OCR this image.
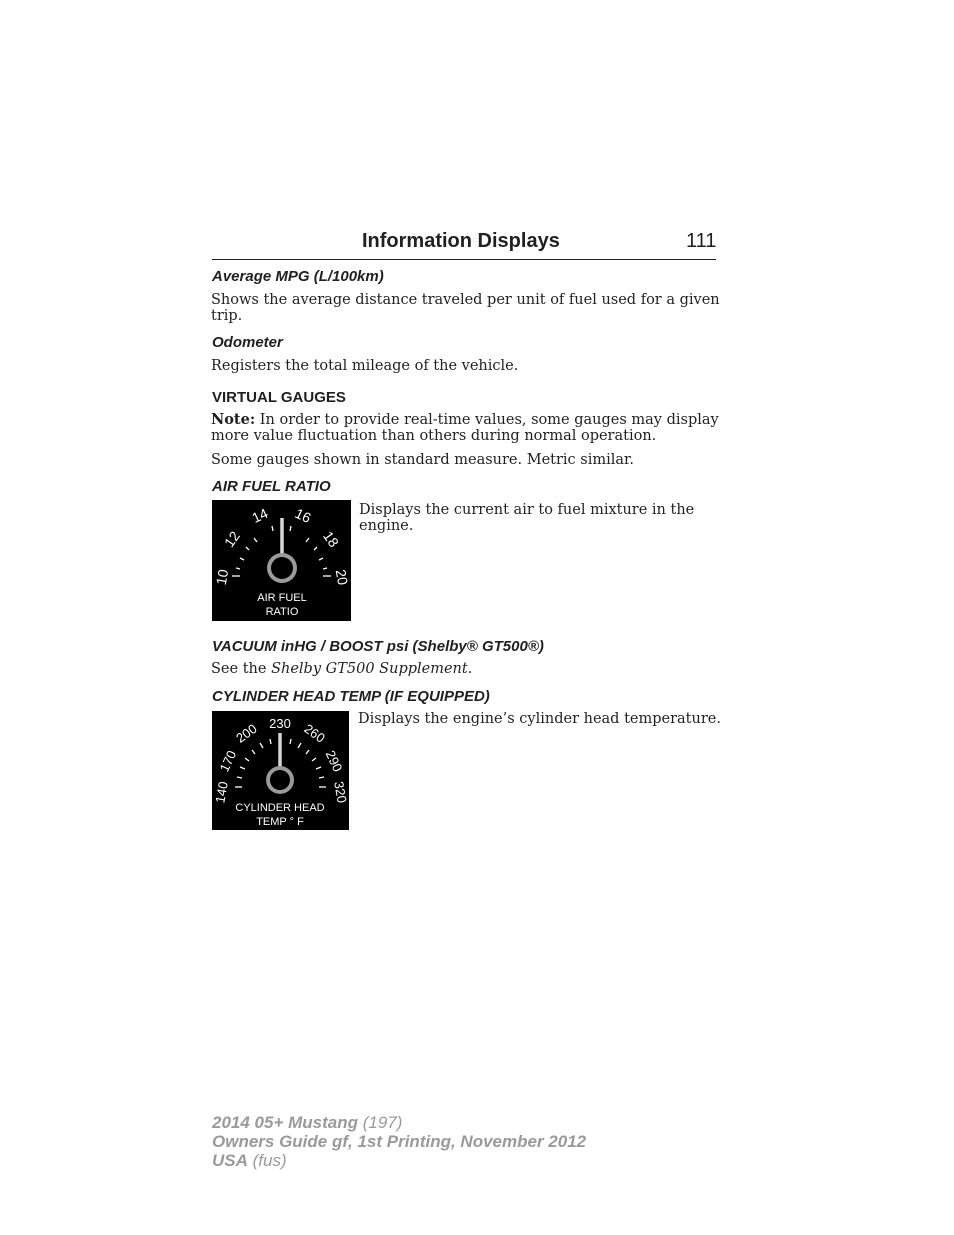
Information Displays	111
Average MPG (L/100km)
Shows the average distance traveled per unit of fuel used for a given
trip.
Odometer
Registers the total mileage of the vehicle.
VIRTUAL GAUGES
Note: In order to provide real-time values, some gauges may display
more value fluctuation than others during normal operation.
Some gauges shown in standard measure. Metric similar.
AIR FUEL RATIO
10
12
14 16
18
20
AIR FUEL
RATIO
Displays the current air to fuel mixture in the
engine.
VACUUM inHG / BOOST psi (Shelby® GT500®)
See the Shelby GT500 Supplement.
CYLINDER HEAD TEMP (IF EQUIPPED)
140
170
200 230 260
290
320
CYLINDER HEAD
TEMP ° F
Displays the engine’s cylinder head temperature.
2014 05+ Mustang (197)
Owners Guide gf, 1st Printing, November 2012
USA (fus)
